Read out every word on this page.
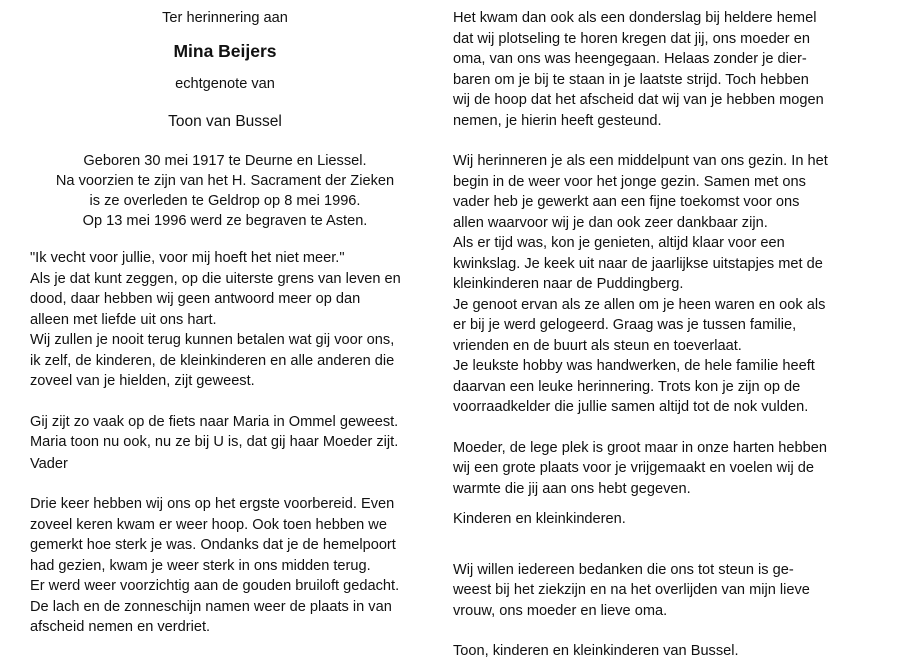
Ter herinnering aan

Mina Beijers

echtgenote van

Toon van Bussel

Geboren 30 mei 1917 te Deurne en Liessel.

Na voorzien te zijn van het H. Sacrament der Zieken

is ze overleden te Geldrop op 8 mei 1996.

Op 13 mei 1996 werd ze begraven te Asten.

"Ik vecht voor jullie, voor mij hoeft het niet meer."

Als je dat kunt zeggen, op die uiterste grens van leven en

dood, daar hebben wij geen antwoord meer op dan

alleen met liefde uit ons hart.

Wij zullen je nooit terug kunnen betalen wat gij voor ons,

ik zelf, de kinderen, de kleinkinderen en alle anderen die

zoveel van je hielden, zijt geweest.

Gij zijt zo vaak op de fiets naar Maria in Ommel geweest.

Maria toon nu ook, nu ze bij U is, dat gij haar Moeder zijt.

Vader

Drie keer hebben wij ons op het ergste voorbereid. Even

zoveel keren kwam er weer hoop. Ook toen hebben we

gemerkt hoe sterk je was. Ondanks dat je de hemelpoort

had gezien, kwam je weer sterk in ons midden terug.

Er werd weer voorzichtig aan de gouden bruiloft gedacht.

De lach en de zonneschijn namen weer de plaats in van

afscheid nemen en verdriet.

Het kwam dan ook als een donderslag bij heldere hemel

dat wij plotseling te horen kregen dat jij, ons moeder en

oma, van ons was heengegaan. Helaas zonder je dier-

baren om je bij te staan in je laatste strijd. Toch hebben

wij de hoop dat het afscheid dat wij van je hebben mogen

nemen, je hierin heeft gesteund.

Wij herinneren je als een middelpunt van ons gezin. In het

begin in de weer voor het jonge gezin. Samen met ons

vader heb je gewerkt aan een fijne toekomst voor ons

allen waarvoor wij je dan ook zeer dankbaar zijn.

Als er tijd was, kon je genieten, altijd klaar voor een

kwinkslag. Je keek uit naar de jaarlijkse uitstapjes met de

kleinkinderen naar de Puddingberg.

Je genoot ervan als ze allen om je heen waren en ook als

er bij je werd gelogeerd. Graag was je tussen familie,

vrienden en de buurt als steun en toeverlaat.

Je leukste hobby was handwerken, de hele familie heeft

daarvan een leuke herinnering. Trots kon je zijn op de

voorraadkelder die jullie samen altijd tot de nok vulden.

Moeder, de lege plek is groot maar in onze harten hebben

wij een grote plaats voor je vrijgemaakt en voelen wij de

warmte die jij aan ons hebt gegeven.

Kinderen en kleinkinderen.

Wij willen iedereen bedanken die ons tot steun is ge-

weest bij het ziekzijn en na het overlijden van mijn lieve

vrouw, ons moeder en lieve oma.

Toon, kinderen en kleinkinderen van Bussel.
